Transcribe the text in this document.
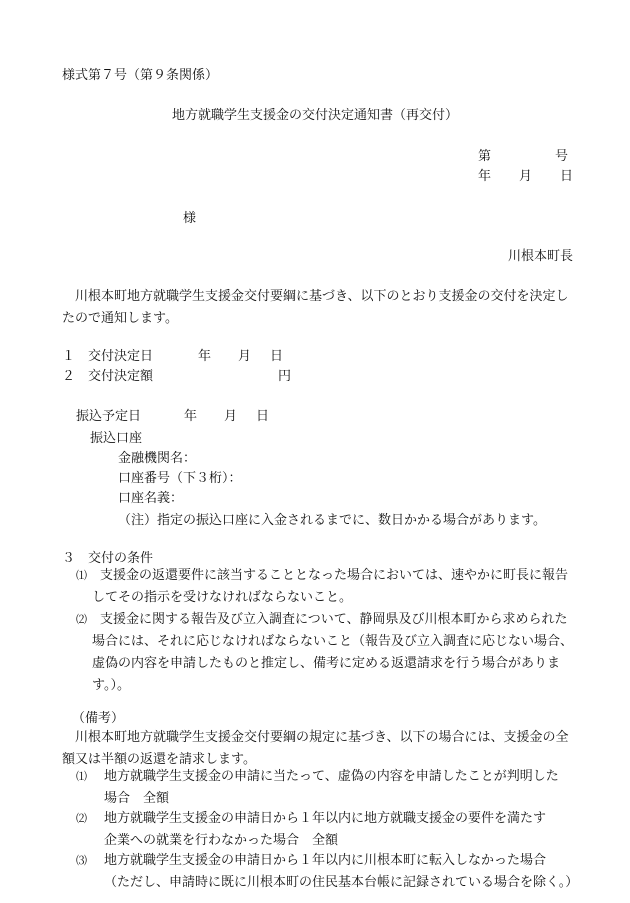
様式第７号（第９条関係）
地方就職学生支援金の交付決定通知書（再交付）
第	号
年 月 日
様
川根本町長
川根本町地方就職学生支援金交付要綱に基づき、以下のとおり支援金の交付を決定したので通知します。
１ 交付決定日	年 月 日
２ 交付決定額	円
振込予定日	年 月 日
振込口座
金融機関名：
口座番号（下３桁）：
口座名義：
（注）指定の振込口座に入金されるまでに、数日かかる場合があります。
３ 交付の条件
⑴	支援金の返還要件に該当することとなった場合においては、速やかに町長に報告してその指示を受けなければならないこと。
⑵	支援金に関する報告及び立入調査について、静岡県及び川根本町から求められた場合には、それに応じなければならないこと（報告及び立入調査に応じない場合、虚偽の内容を申請したものと推定し、備考に定める返還請求を行う場合があります。）。
（備考）
川根本町地方就職学生支援金交付要綱の規定に基づき、以下の場合には、支援金の全額又は半額の返還を請求します。
⑴	地方就職学生支援金の申請に当たって、虚偽の内容を申請したことが判明した
場合　全額
⑵	地方就職学生支援金の申請日から１年以内に地方就職支援金の要件を満たす
企業への就業を行わなかった場合　全額
⑶	地方就職学生支援金の申請日から１年以内に川根本町に転入しなかった場合
（ただし、申請時に既に川根本町の住民基本台帳に記録されている場合を除く。）
